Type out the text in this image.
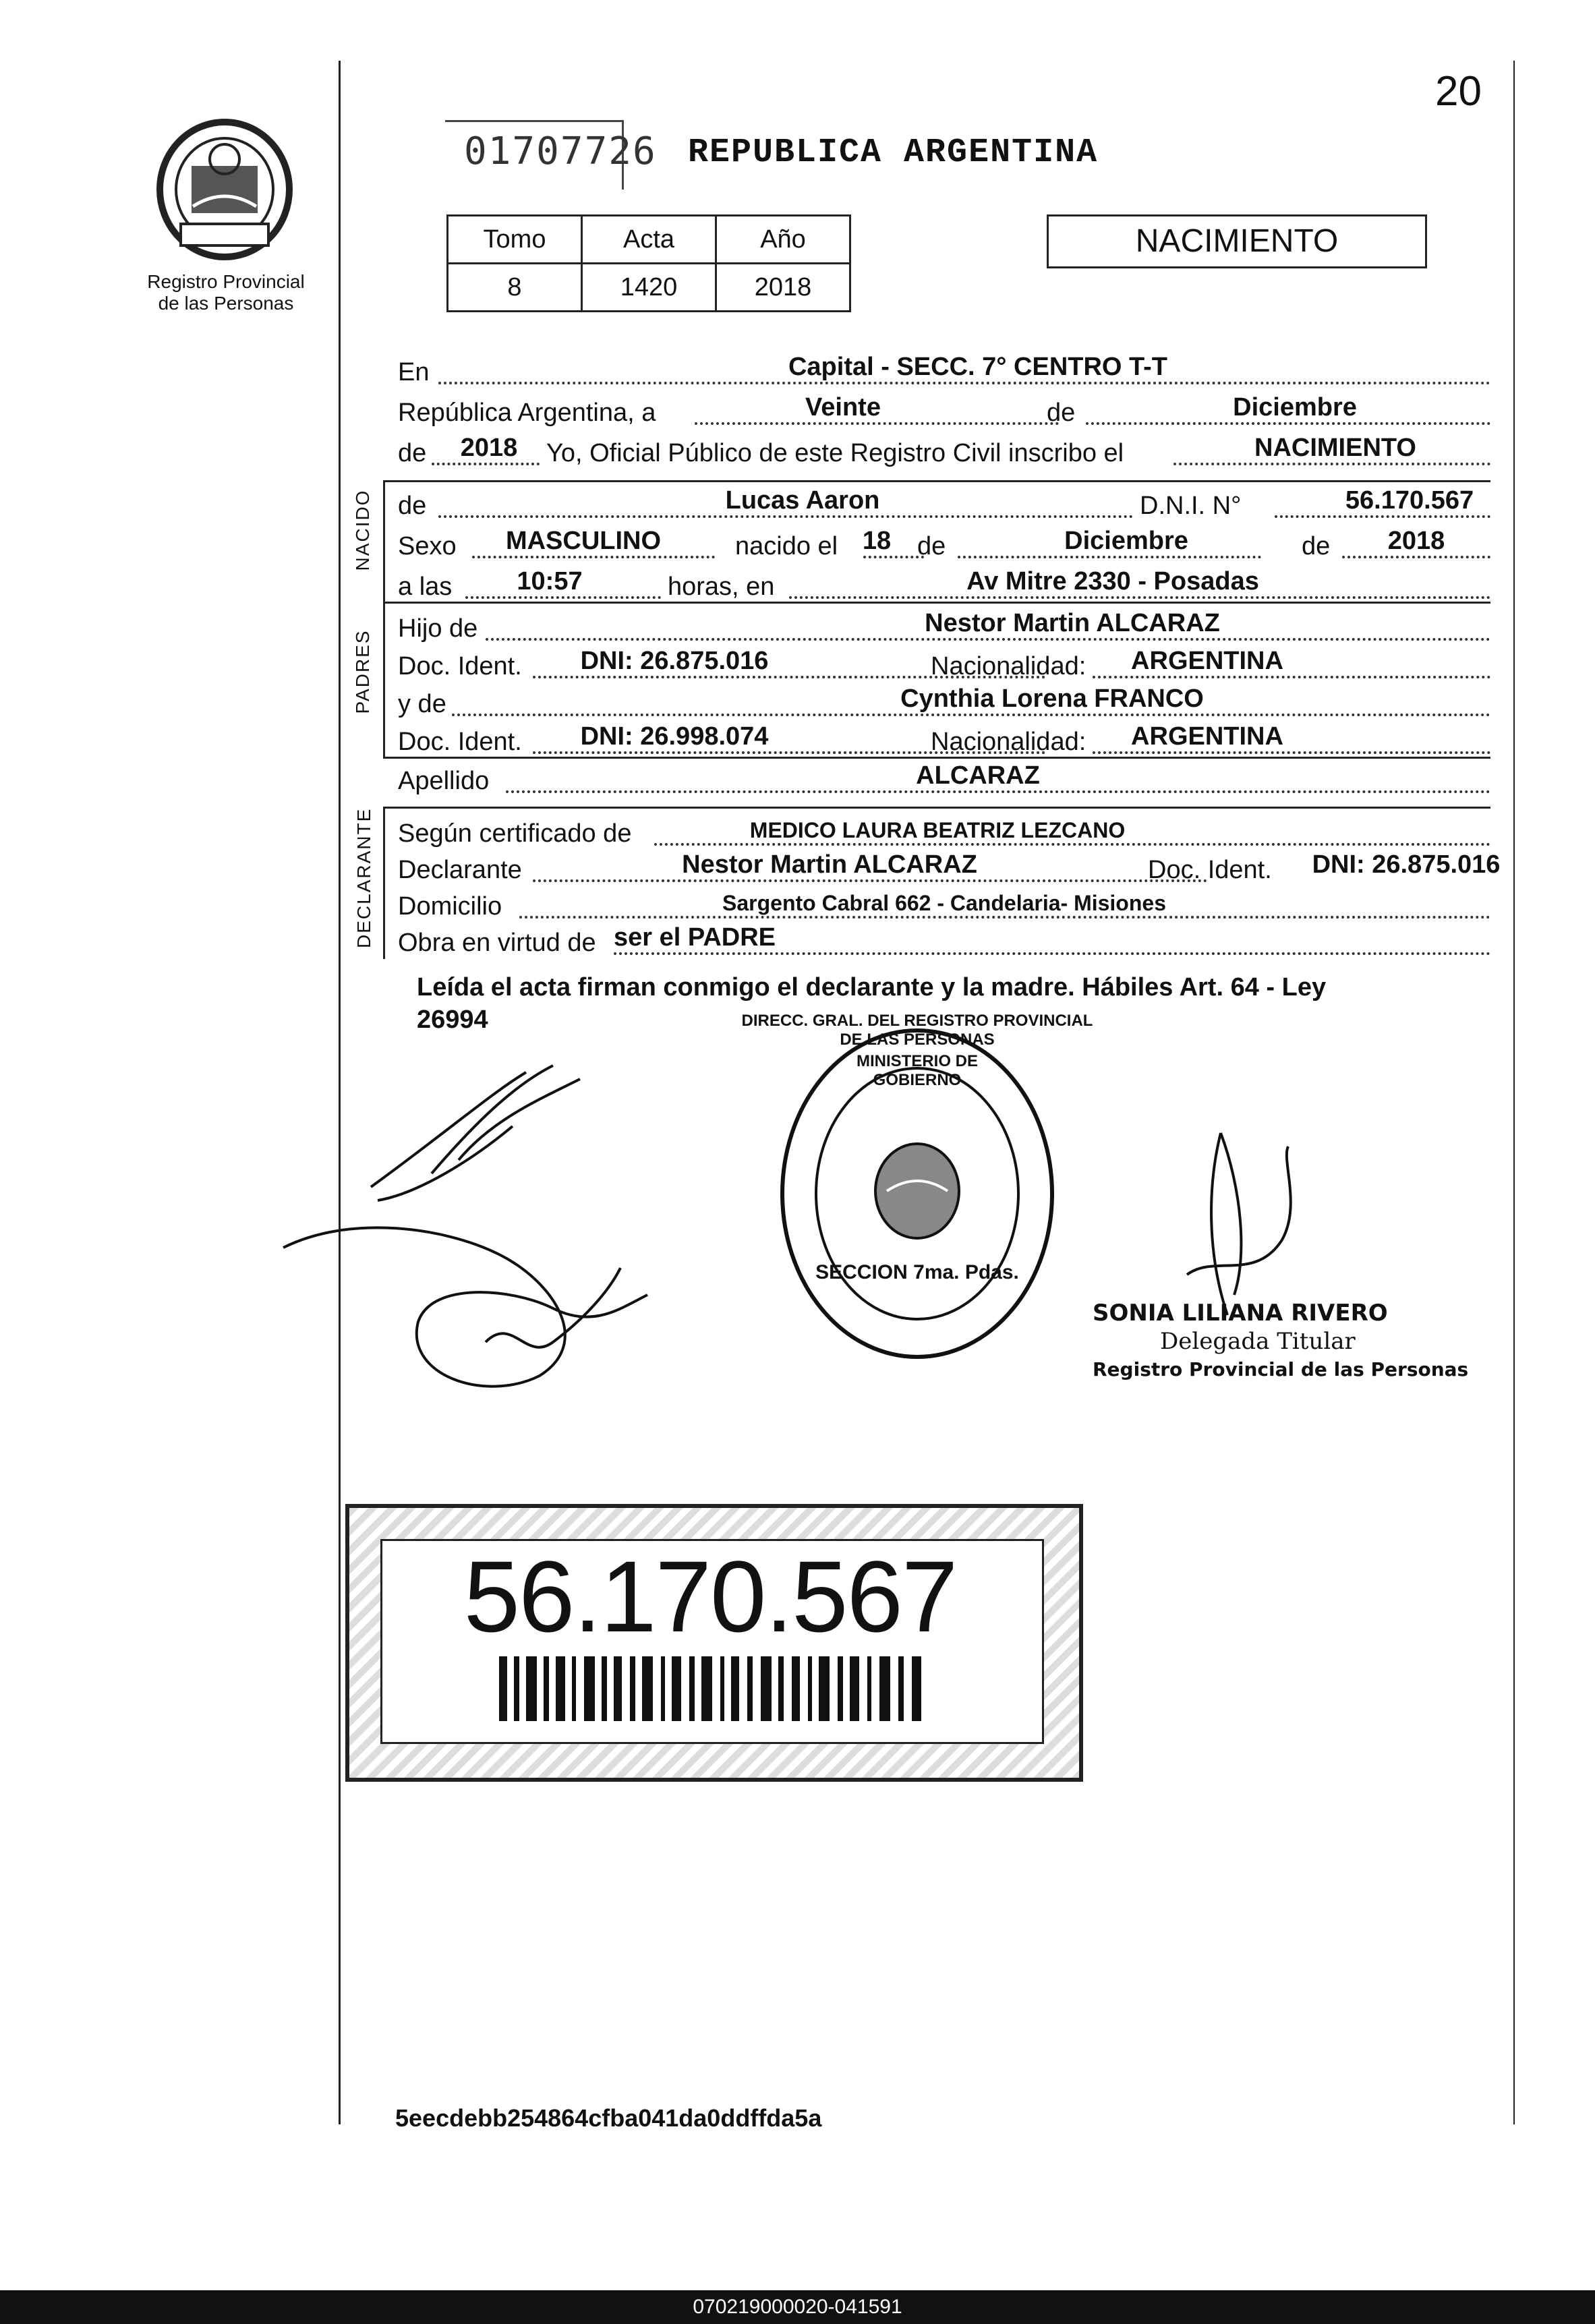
20
Registro Provincial
de las Personas
01707726 REPUBLICA ARGENTINA
Tomo	Acta	Año
8	1420	2018
NACIMIENTO
En	Capital - SECC. 7° CENTRO T-T
República Argentina, a	Veinte	de	Diciembre
de 2018 Yo, Oficial Público de este Registro Civil inscribo el	NACIMIENTO
NACIDO de	Lucas Aaron	D.N.I. N°	56.170.567
Sexo MASCULINO	nacido el 18 de	Diciembre	de 2018
a las	10:57	horas, en	Av Mitre 2330 - Posadas
PADRES
Hijo de	Nestor Martin ALCARAZ
Doc. Ident. DNI: 26.875.016	Nacionalidad: ARGENTINA
y de	Cynthia Lorena FRANCO
Doc. Ident. DNI: 26.998.074	Nacionalidad: ARGENTINA
Apellido	ALCARAZ
DECLARANTE Según certificado de	MEDICO LAURA BEATRIZ LEZCANO
Declarante	Nestor Martin ALCARAZ	Doc. Ident. DNI: 26.875.016
Domicilio	Sargento Cabral 662 - Candelaria- Misiones
Obra en virtud de ser el PADRE
Leída el acta firman conmigo el declarante y la madre. Hábiles Art. 64 - Ley
26994
SECCION 7ma. Pdas.
MINISTERIO DE GOBIERNO
DIRECC. GRAL. DEL REGISTRO PROVINCIAL DE LAS PERSONAS
SONIA LILIANA RIVERO
Delegada Titular
Registro Provincial de las Personas
56.170.567
5eecdebb254864cfba041da0ddffda5a
070219000020-041591
